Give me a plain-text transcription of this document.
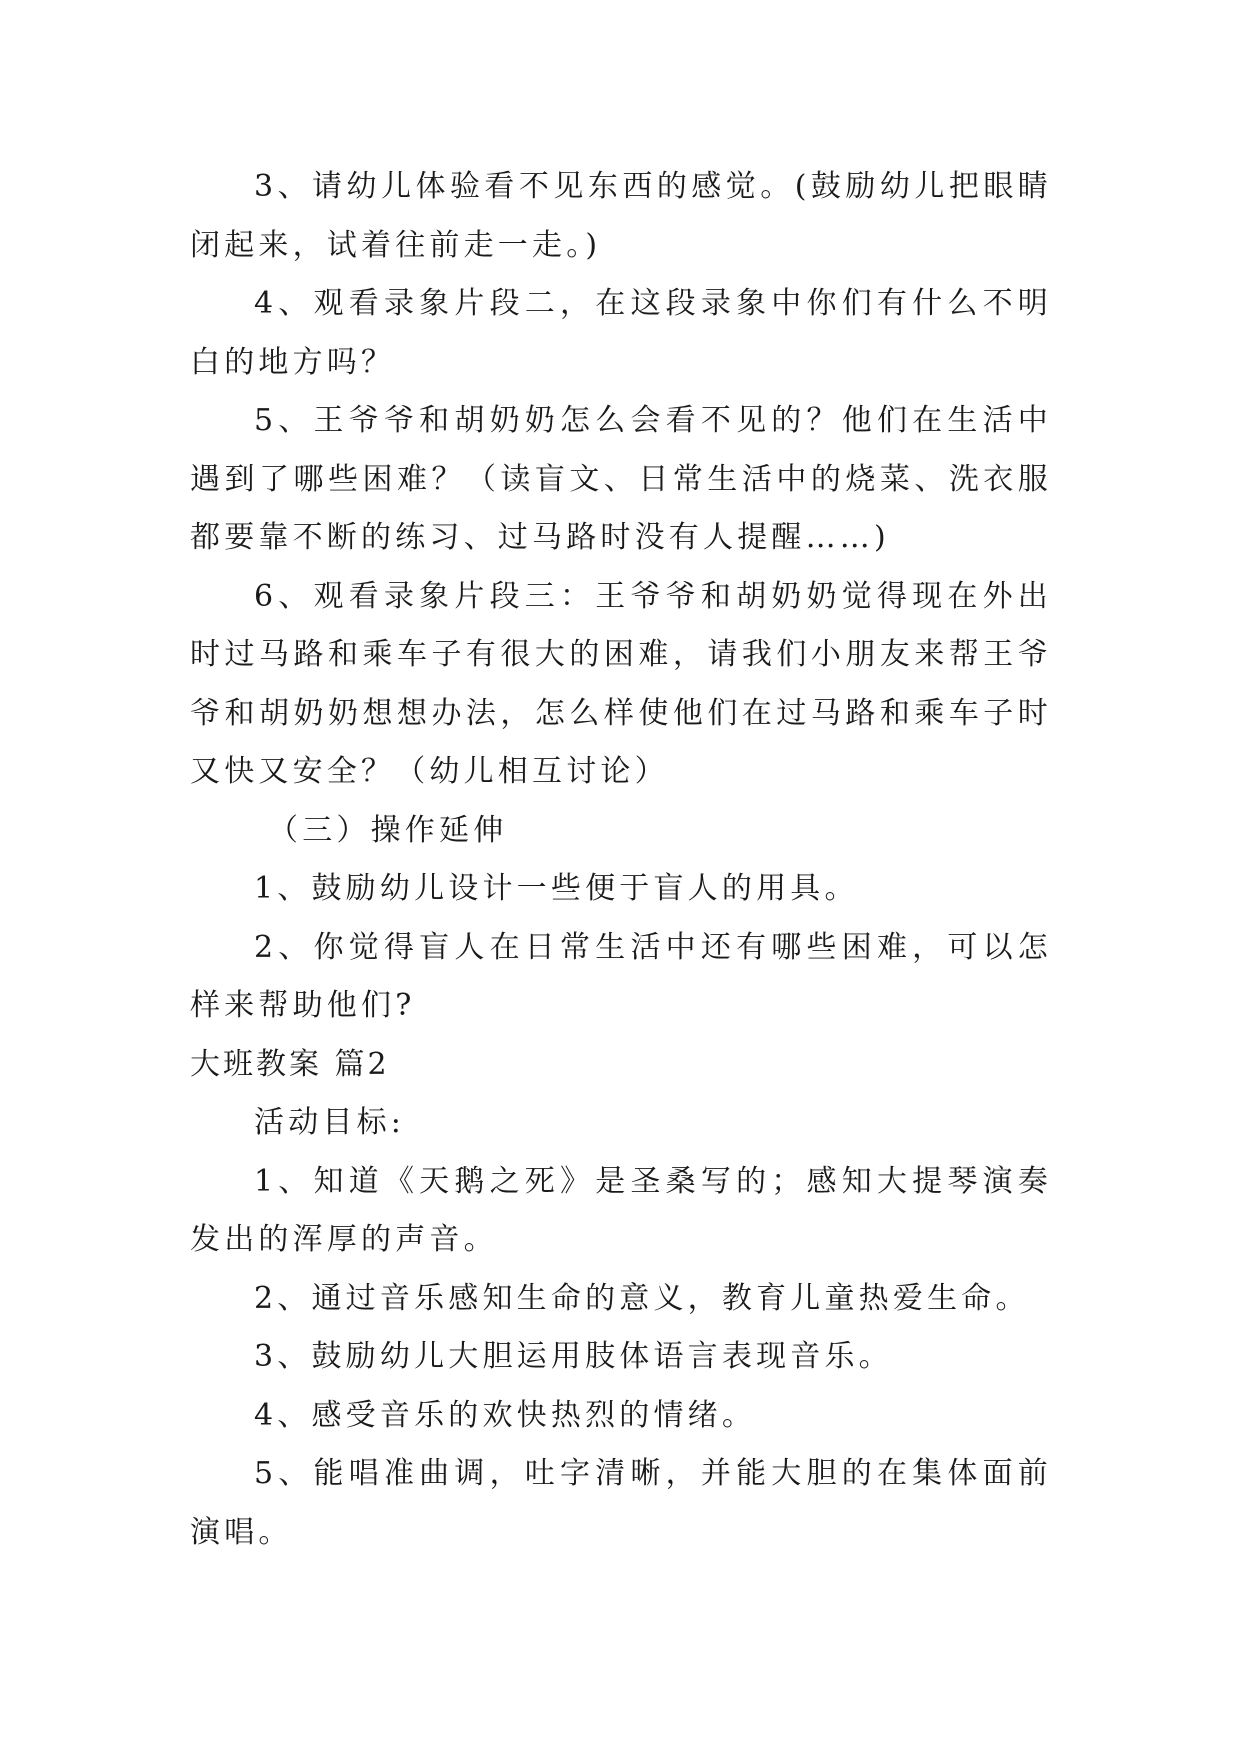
3、请幼儿体验看不见东西的感觉。(鼓励幼儿把眼睛闭起来，试着往前走一走。)

4、观看录象片段二，在这段录象中你们有什么不明白的地方吗？

5、王爷爷和胡奶奶怎么会看不见的？他们在生活中遇到了哪些困难？（读盲文、日常生活中的烧菜、洗衣服都要靠不断的练习、过马路时没有人提醒……)

6、观看录象片段三：王爷爷和胡奶奶觉得现在外出时过马路和乘车子有很大的困难，请我们小朋友来帮王爷爷和胡奶奶想想办法，怎么样使他们在过马路和乘车子时又快又安全？（幼儿相互讨论）

（三）操作延伸

1、鼓励幼儿设计一些便于盲人的用具。

2、你觉得盲人在日常生活中还有哪些困难，可以怎样来帮助他们?

大班教案 篇2

活动目标:

1、知道《天鹅之死》是圣桑写的；感知大提琴演奏发出的浑厚的声音。

2、通过音乐感知生命的意义，教育儿童热爱生命。

3、鼓励幼儿大胆运用肢体语言表现音乐。

4、感受音乐的欢快热烈的情绪。

5、能唱准曲调，吐字清晰，并能大胆的在集体面前演唱。
